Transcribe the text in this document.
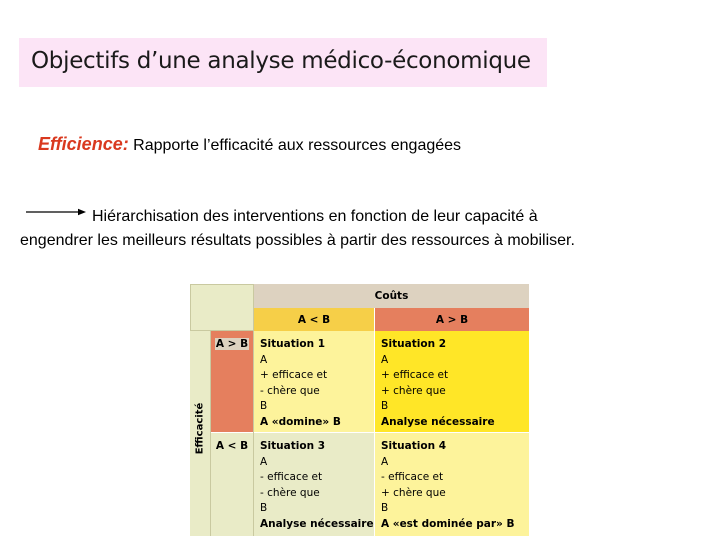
Objectifs d’une analyse médico-économique
Efficience: Rapporte l’efficacité aux ressources engagées
Hiérarchisation des interventions en fonction de leur capacité à
engendrer les meilleurs résultats possibles à partir des ressources à mobiliser.
Coûts
A < B	A > B
Efficacité
A > B
A < B
Situation 1
A
+ efficace et
- chère que
B
A «domine» B
Situation 2
A
+ efficace et
+ chère que
B
Analyse nécessaire
Situation 3
A
- efficace et
- chère que
B
Analyse nécessaire
Situation 4
A
- efficace et
+ chère que
B
A «est dominée par» B
